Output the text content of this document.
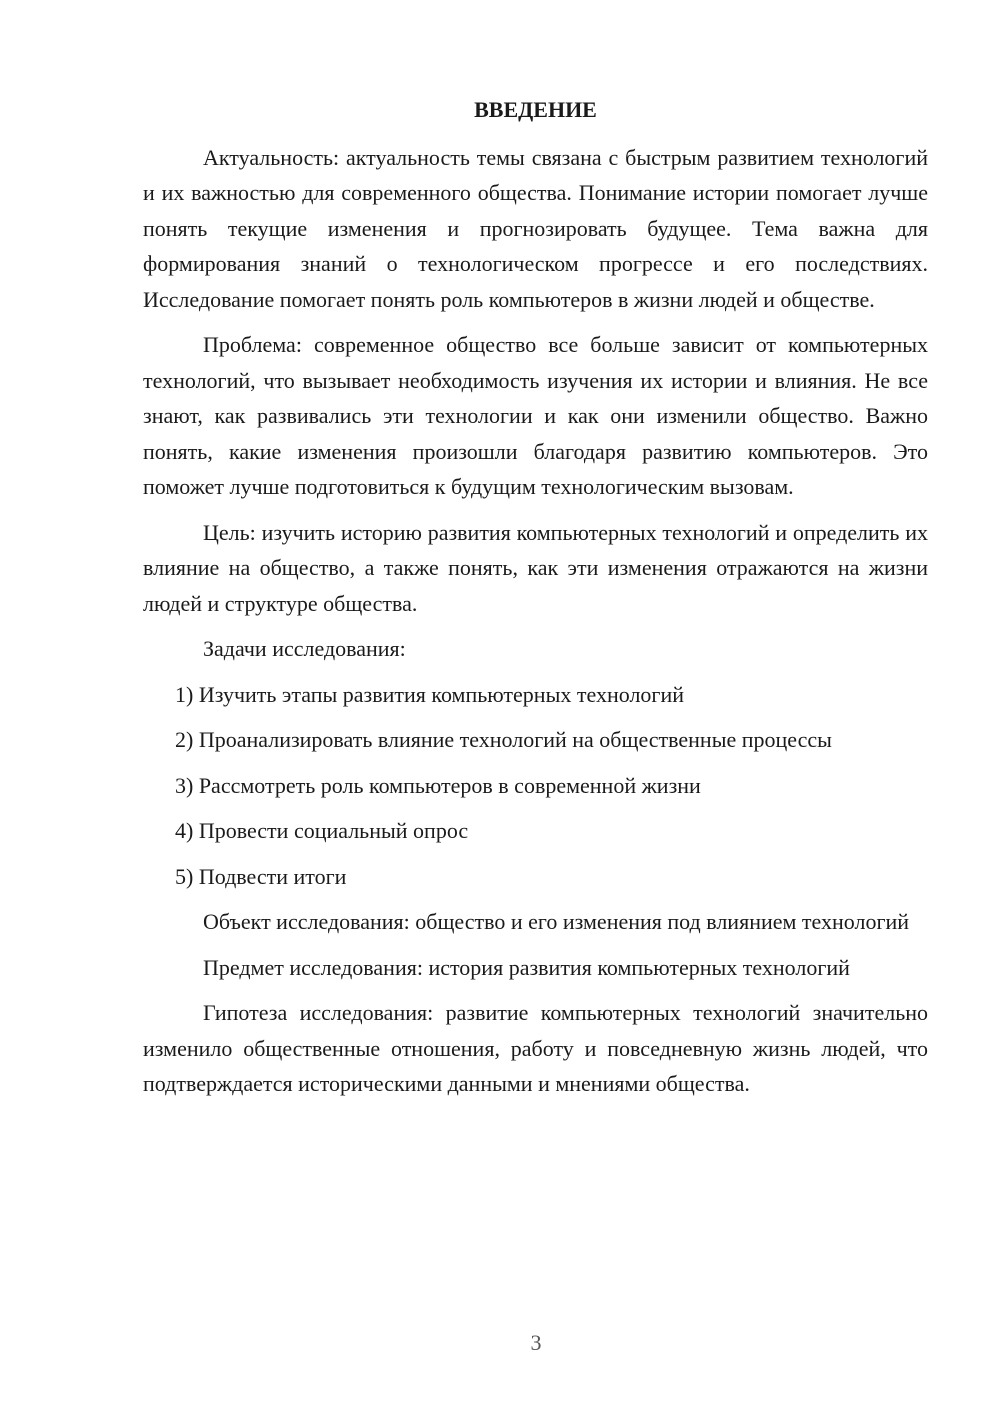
ВВЕДЕНИЕ

Актуальность: актуальность темы связана с быстрым развитием технологий и их важностью для современного общества. Понимание истории помогает лучше понять текущие изменения и прогнозировать будущее. Тема важна для формирования знаний о технологическом прогрессе и его последствиях. Исследование помогает понять роль компьютеров в жизни людей и обществе.

Проблема: современное общество все больше зависит от компьютерных технологий, что вызывает необходимость изучения их истории и влияния. Не все знают, как развивались эти технологии и как они изменили общество. Важно понять, какие изменения произошли благодаря развитию компьютеров. Это поможет лучше подготовиться к будущим технологическим вызовам.

Цель: изучить историю развития компьютерных технологий и определить их влияние на общество, а также понять, как эти изменения отражаются на жизни людей и структуре общества.

Задачи исследования:
1) Изучить этапы развития компьютерных технологий
2) Проанализировать влияние технологий на общественные процессы
3) Рассмотреть роль компьютеров в современной жизни
4) Провести социальный опрос
5) Подвести итоги

Объект исследования: общество и его изменения под влиянием технологий

Предмет исследования: история развития компьютерных технологий

Гипотеза исследования: развитие компьютерных технологий значительно изменило общественные отношения, работу и повседневную жизнь людей, что подтверждается историческими данными и мнениями общества.

3
